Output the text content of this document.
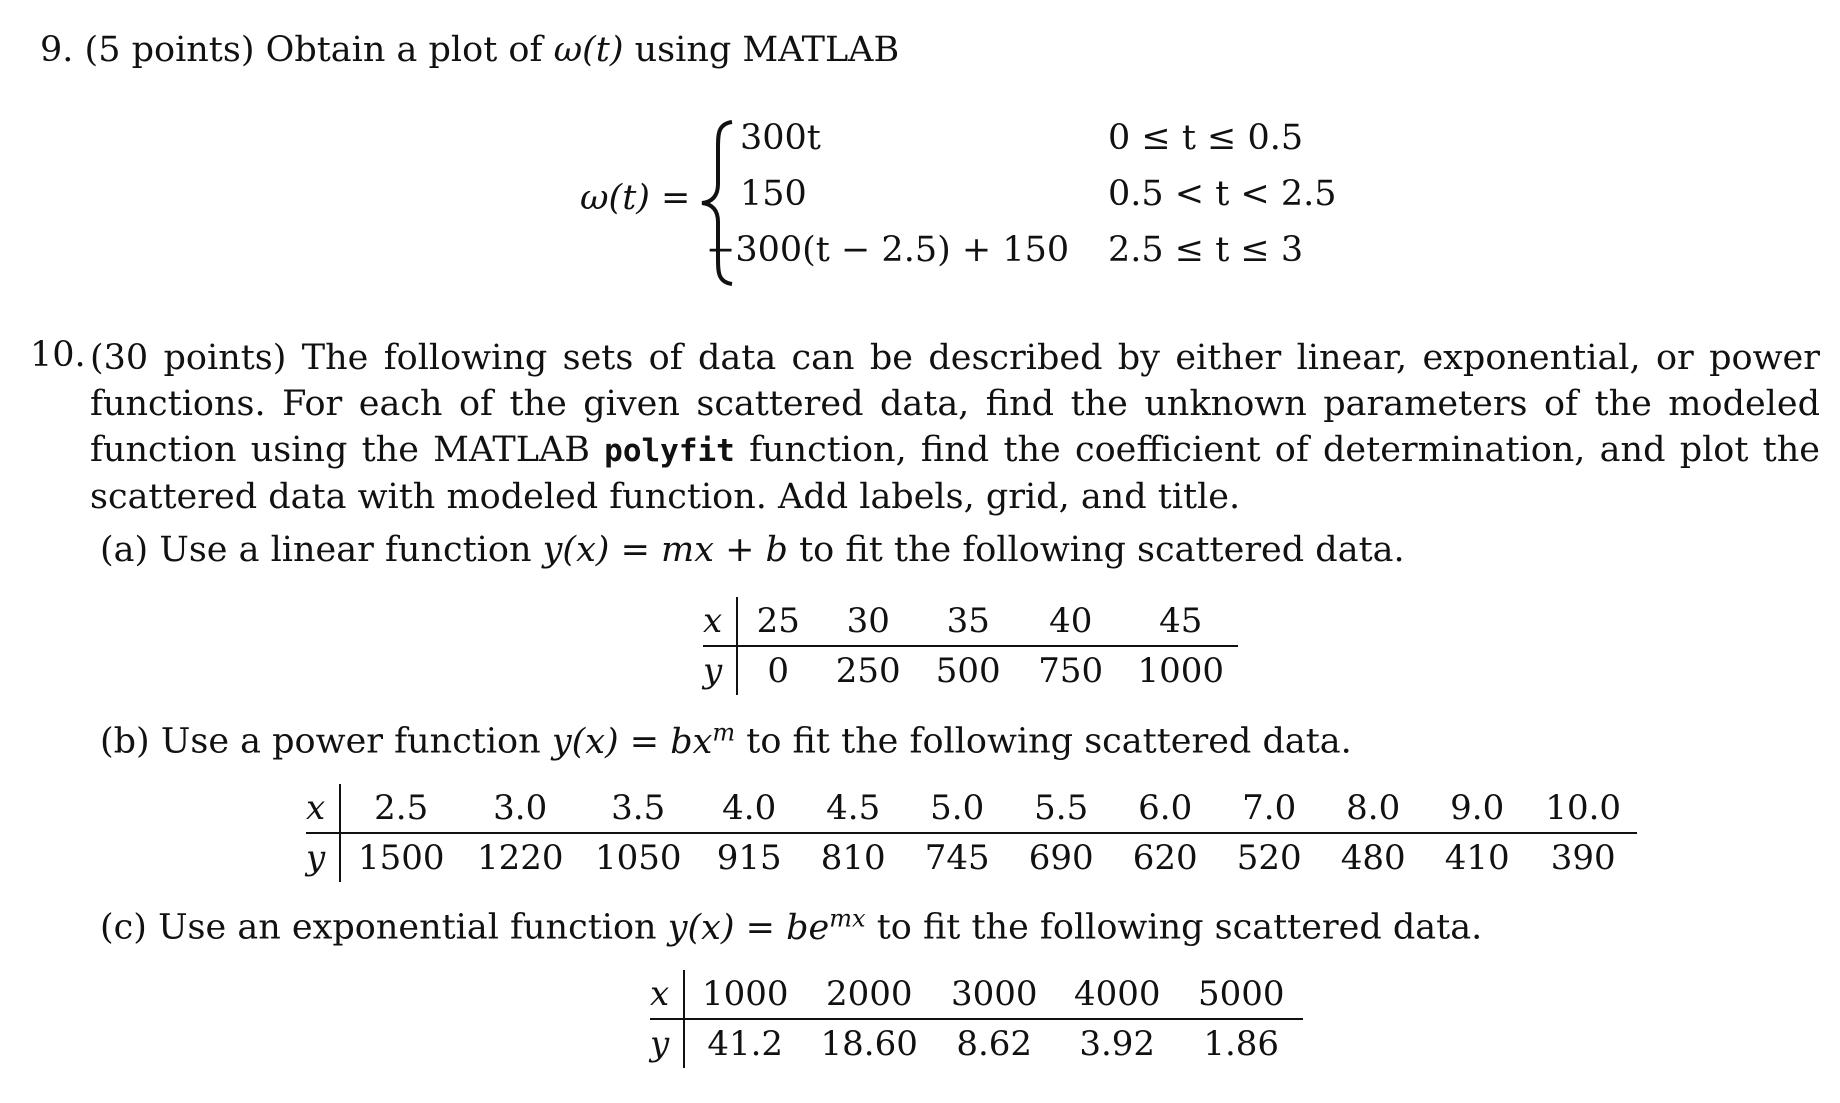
9. (5 points) Obtain a plot of ω(t) using MATLAB
ω(t) =
300t	0 ≤ t ≤ 0.5
150	0.5 < t < 2.5
−300(t − 2.5) + 150 2.5 ≤ t ≤ 3
10. (30 points) The following sets of data can be described by either linear, exponential, or power functions. For each of the given scattered data, find the unknown parameters of the modeled function using the MATLAB polyfit function, find the coefficient of determination, and plot the scattered data with modeled function. Add labels, grid, and title.
(a) Use a linear function y(x) = mx + b to fit the following scattered data.
x	25	30	35	40	45
y	0	250	500	750	1000
(b) Use a power function $y(x) = bx^m$ to fit the following scattered data.
x	2.5	3.0	3.5	4.0	4.5	5.0	5.5	6.0	7.0	8.0	9.0	10.0
y	1500	1220	1050	915	810	745	690	620	520	480	410	390
(c) Use an exponential function $y(x) = be^{mx}$ to fit the following scattered data.
x	1000	2000	3000	4000	5000
y	41.2	18.60	8.62	3.92	1.86
